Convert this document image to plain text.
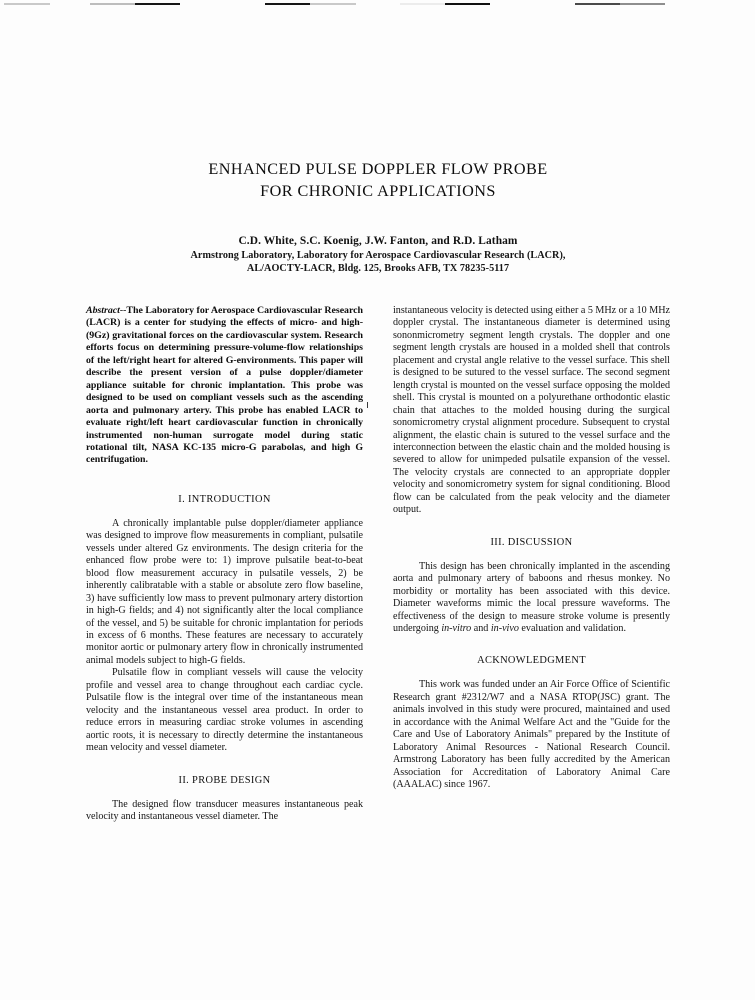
ENHANCED PULSE DOPPLER FLOW PROBE
FOR CHRONIC APPLICATIONS
C.D. White, S.C. Koenig, J.W. Fanton, and R.D. Latham
Armstrong Laboratory, Laboratory for Aerospace Cardiovascular Research (LACR),
AL/AOCTY-LACR, Bldg. 125, Brooks AFB, TX 78235-5117

Abstract--The Laboratory for Aerospace Cardiovascular Research (LACR) is a center for studying the effects of micro- and high- (9Gz) gravitational forces on the cardiovascular system. Research efforts focus on determining pressure-volume-flow relationships of the left/right heart for altered G-environments. This paper will describe the present version of a pulse doppler/diameter appliance suitable for chronic implantation. This probe was designed to be used on compliant vessels such as the ascending aorta and pulmonary artery. This probe has enabled LACR to evaluate right/left heart cardiovascular function in chronically instrumented non-human surrogate model during static rotational tilt, NASA KC-135 micro-G parabolas, and high G centrifugation.

I. INTRODUCTION

A chronically implantable pulse doppler/diameter appliance was designed to improve flow measurements in compliant, pulsatile vessels under altered Gz environments. The design criteria for the enhanced flow probe were to: 1) improve pulsatile beat-to-beat blood flow measurement accuracy in pulsatile vessels, 2) be inherently calibratable with a stable or absolute zero flow baseline, 3) have sufficiently low mass to prevent pulmonary artery distortion in high-G fields; and 4) not significantly alter the local compliance of the vessel, and 5) be suitable for chronic implantation for periods in excess of 6 months. These features are necessary to accurately monitor aortic or pulmonary artery flow in chronically instrumented animal models subject to high-G fields.

Pulsatile flow in compliant vessels will cause the velocity profile and vessel area to change throughout each cardiac cycle. Pulsatile flow is the integral over time of the instantaneous mean velocity and the instantaneous vessel area product. In order to reduce errors in measuring cardiac stroke volumes in ascending aortic roots, it is necessary to directly determine the instantaneous mean velocity and vessel diameter.

II. PROBE DESIGN

The designed flow transducer measures instantaneous peak velocity and instantaneous vessel diameter. The

instantaneous velocity is detected using either a 5 MHz or a 10 MHz doppler crystal. The instantaneous diameter is determined using sononmicrometry segment length crystals. The doppler and one segment length crystals are housed in a molded shell that controls placement and crystal angle relative to the vessel surface. This shell is designed to be sutured to the vessel surface. The second segment length crystal is mounted on the vessel surface opposing the molded shell. This crystal is mounted on a polyurethane orthodontic elastic chain that attaches to the molded housing during the surgical sonomicrometry crystal alignment procedure. Subsequent to crystal alignment, the elastic chain is sutured to the vessel surface and the interconnection between the elastic chain and the molded housing is severed to allow for unimpeded pulsatile expansion of the vessel. The velocity crystals are connected to an appropriate doppler velocity and sonomicrometry system for signal conditioning. Blood flow can be calculated from the peak velocity and the diameter output.

III. DISCUSSION

This design has been chronically implanted in the ascending aorta and pulmonary artery of baboons and rhesus monkey. No morbidity or mortality has been associated with this device. Diameter waveforms mimic the local pressure waveforms. The effectiveness of the design to measure stroke volume is presently undergoing in-vitro and in-vivo evaluation and validation.

ACKNOWLEDGMENT

This work was funded under an Air Force Office of Scientific Research grant #2312/W7 and a NASA RTOP(JSC) grant. The animals involved in this study were procured, maintained and used in accordance with the Animal Welfare Act and the "Guide for the Care and Use of Laboratory Animals" prepared by the Institute of Laboratory Animal Resources - National Research Council. Armstrong Laboratory has been fully accredited by the American Association for Accreditation of Laboratory Animal Care (AAALAC) since 1967.
